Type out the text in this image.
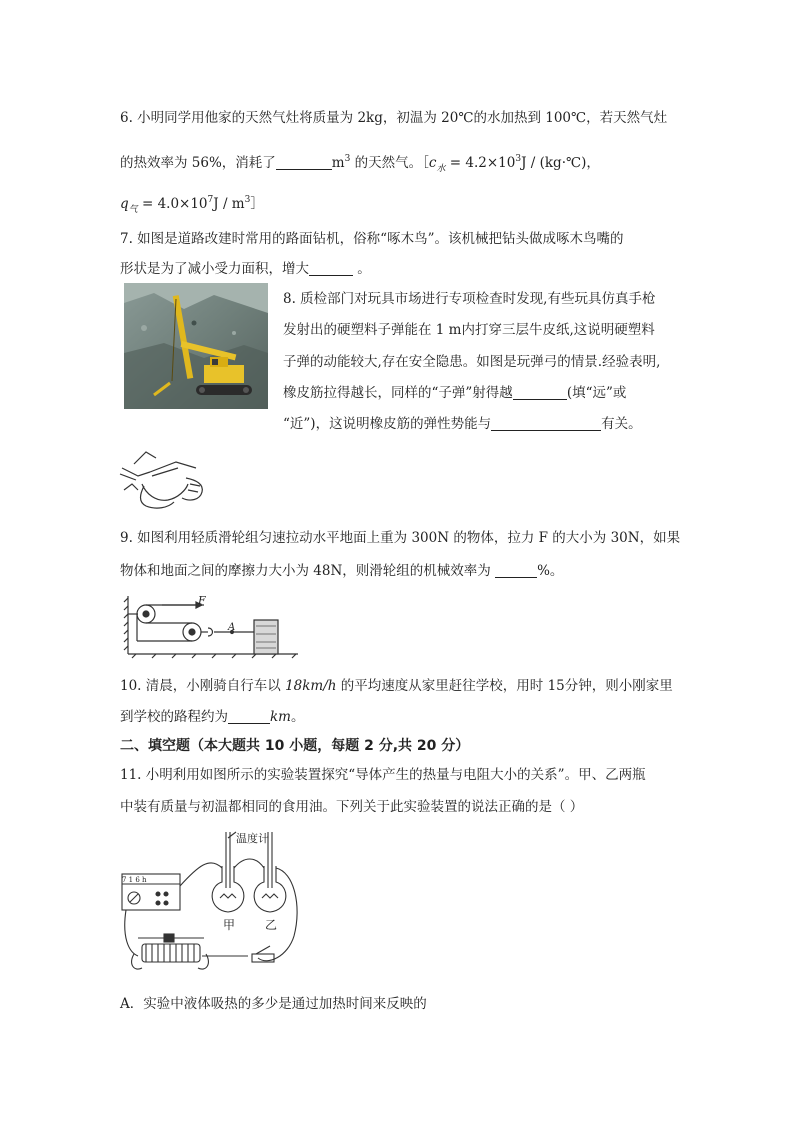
6. 小明同学用他家的天然气灶将质量为 2kg，初温为 20℃的水加热到 100℃，若天然气灶
的热效率为 56%，消耗了	$m^3$ 的天然气。$[c_水 = 4.2\times 10^3J$ / (kg·℃)，
$q_气 = 4.0\times 10^7J$ / $m^3]$
7. 如图是道路改建时常用的路面钻机，俗称“啄木鸟”。该机械把钻头做成啄木鸟嘴的
形状是为了减小受力面积，增大	。
8. 质检部门对玩具市场进行专项检查时发现,有些玩具仿真手枪
发射出的硬塑料子弹能在 1 m内打穿三层牛皮纸,这说明硬塑料
子弹的动能较大,存在安全隐患。如图是玩弹弓的情景.经验表明,
橡皮筋拉得越长，同样的“子弹”射得越	(填“远”或
“近”)，这说明橡皮筋的弹性势能与	有关。
9. 如图利用轻质滑轮组匀速拉动水平地面上重为 300N 的物体，拉力 F 的大小为 30N，如果
物体和地面之间的摩擦力大小为 48N，则滑轮组的机械效率为	%。
F
A
10. 清晨，小刚骑自行车以 18km/h 的平均速度从家里赶往学校，用时 15分钟，则小刚家里
到学校的路程约为	km。
二、填空题（本大题共 10 小题，每题 2 分,共 20 分）
11. 小明利用如图所示的实验装置探究“导体产生的热量与电阻大小的关系”。甲、乙两瓶
中装有质量与初温都相同的食用油。下列关于此实验装置的说法正确的是（ ）
7 1 6 h
温度计
甲 乙
A．实验中液体吸热的多少是通过加热时间来反映的
